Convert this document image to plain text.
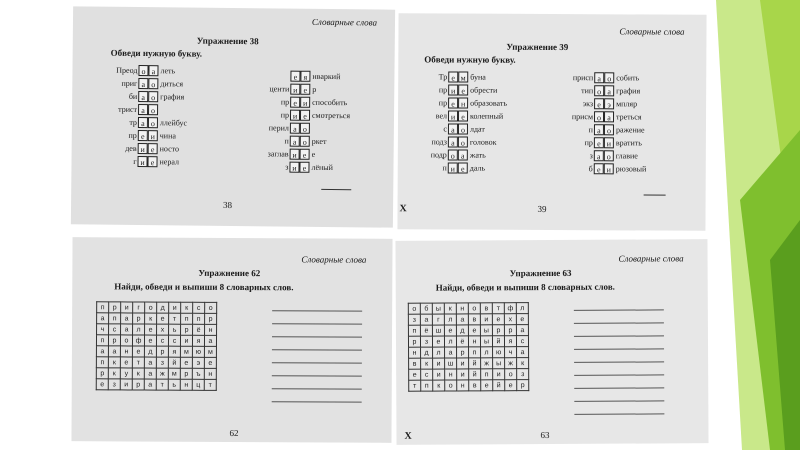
Словарные слова
Упражнение 38
Обведи нужную букву.
Преод о а леть
приг а о диться
би а о графия
трист а о
тр а о ллейбус
пр е и чина
дев и е носто
г и е нерал
е я нваркий
центи и е р
пр е и способить
пр и е смотреться
перил а о
п а о ркет
заглав и е е
з и е лёный
38
Словарные слова
Упражнение 39
Обведи нужную букву.
Тр е м буна
пр и е обрести
пр е н образовать
вел и е колепный
с а о лдат
подз а о головок
подр о а жать
п и е даль
присп а о собить
тип о а графия
экз е э мпляр
присм о а треться
п а о ражение
пр е и вратить
з а о главие
б е и рюзовый
X	39
Словарные слова
Упражнение 62
Найди, обведи и выпиши 8 словарных слов.
п	р	и	г	о	д	и	к	с	о
а	п	а	р	к	е	т	п	п	р
ч	с	а	л	е	х	ь	р	ё	н
п	р	о	ф	е	с	с	и	я	а
а	а	н	е	д	р	я	м	ю	м
п	к	е	т	а	з	й	е	э	е
р	к	у	к	а	ж	м	р	ъ	н
е	з	и	р	а	т	ь	н	ц	т
62
Словарные слова
Упражнение 63
Найди, обведи и выпиши 8 словарных слов.
о	б	ы	к	н	о	в	т	ф	л
з	а	г	л	а	в	и	е	х	е
п	ё	ш	е	д	е	ы	р	р	а
р	з	е	л	ё	н	ы	й	я	с
н	д	л	а	р	п	л	ю	ч	а
в	к	и	ш	и	й	ж	ы	ж	к
е	с	и	н	и	й	п	и	о	з
т	п	к	о	н	в	е	й	е	р
X	63
